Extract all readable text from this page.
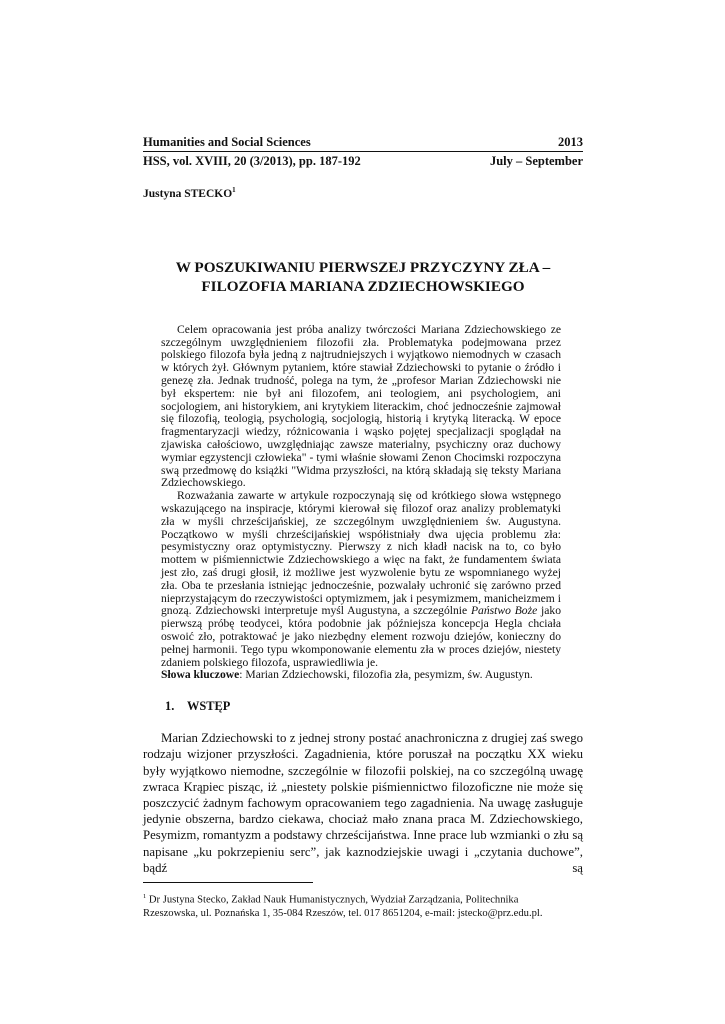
Humanities and Social Sciences	2013
HSS, vol. XVIII, 20 (3/2013), pp. 187-192	July – September
Justyna STECKO$^1$
W POSZUKIWANIU PIERWSZEJ PRZYCZYNY ZŁA –
FILOZOFIA MARIANA ZDZIECHOWSKIEGO

Celem opracowania jest próba analizy twórczości Mariana Zdziechowskiego ze szczególnym uwzględnieniem filozofii zła. Problematyka podejmowana przez polskiego filozofa była jedną z najtrudniejszych i wyjątkowo niemodnych w czasach w których żył. Głównym pytaniem, które stawiał Zdziechowski to pytanie o źródło i genezę zła. Jednak trudność, polega na tym, że „profesor Marian Zdziechowski nie był ekspertem: nie był ani filozofem, ani teologiem, ani psychologiem, ani socjologiem, ani historykiem, ani krytykiem literackim, choć jednocześnie zajmował się filozofią, teologią, psychologią, socjologią, historią i krytyką literacką. W epoce fragmentaryzacji wiedzy, różnicowania i wąsko pojętej specjalizacji spoglądał na zjawiska całościowo, uwzględniając zawsze materialny, psychiczny oraz duchowy wymiar egzystencji człowieka" - tymi właśnie słowami Zenon Chocimski rozpoczyna swą przedmowę do książki "Widma przyszłości, na którą składają się teksty Mariana Zdziechowskiego.

Rozważania zawarte w artykule rozpoczynają się od krótkiego słowa wstępnego wskazującego na inspiracje, którymi kierował się filozof oraz analizy problematyki zła w myśli chrześcijańskiej, ze szczególnym uwzględnieniem św. Augustyna. Początkowo w myśli chrześcijańskiej współistniały dwa ujęcia problemu zła: pesymistyczny oraz optymistyczny. Pierwszy z nich kładł nacisk na to, co było mottem w piśmiennictwie Zdziechowskiego a więc na fakt, że fundamentem świata jest zło, zaś drugi głosił, iż możliwe jest wyzwolenie bytu ze wspomnianego wyżej zła. Oba te przesłania istniejąc jednocześnie, pozwalały uchronić się zarówno przed nieprzystającym do rzeczywistości optymizmem, jak i pesymizmem, manicheizmem i gnozą. Zdziechowski interpretuje myśl Augustyna, a szczególnie Państwo Boże jako pierwszą próbę teodycei, która podobnie jak późniejsza koncepcja Hegla chciała oswoić zło, potraktować je jako niezbędny element rozwoju dziejów, konieczny do pełnej harmonii. Tego typu wkomponowanie elementu zła w proces dziejów, niestety zdaniem polskiego filozofa, usprawiedliwia je.

Słowa kluczowe: Marian Zdziechowski, filozofia zła, pesymizm, św. Augustyn.

1. WSTĘP

Marian Zdziechowski to z jednej strony postać anachroniczna z drugiej zaś swego rodzaju wizjoner przyszłości. Zagadnienia, które poruszał na początku XX wieku były wyjątkowo niemodne, szczególnie w filozofii polskiej, na co szczególną uwagę zwraca Krąpiec pisząc, iż „niestety polskie piśmiennictwo filozoficzne nie może się poszczycić żadnym fachowym opracowaniem tego zagadnienia. Na uwagę zasługuje jedynie obszerna, bardzo ciekawa, chociaż mało znana praca M. Zdziechowskiego, Pesymizm, romantyzm a podstawy chrześcijaństwa. Inne prace lub wzmianki o złu są napisane „ku pokrzepieniu serc”, jak kaznodziejskie uwagi i „czytania duchowe”, bądź są

$^1$ Dr Justyna Stecko, Zakład Nauk Humanistycznych, Wydział Zarządzania, Politechnika
Rzeszowska, ul. Poznańska 1, 35-084 Rzeszów, tel. 017 8651204, e-mail: jstecko@prz.edu.pl.
